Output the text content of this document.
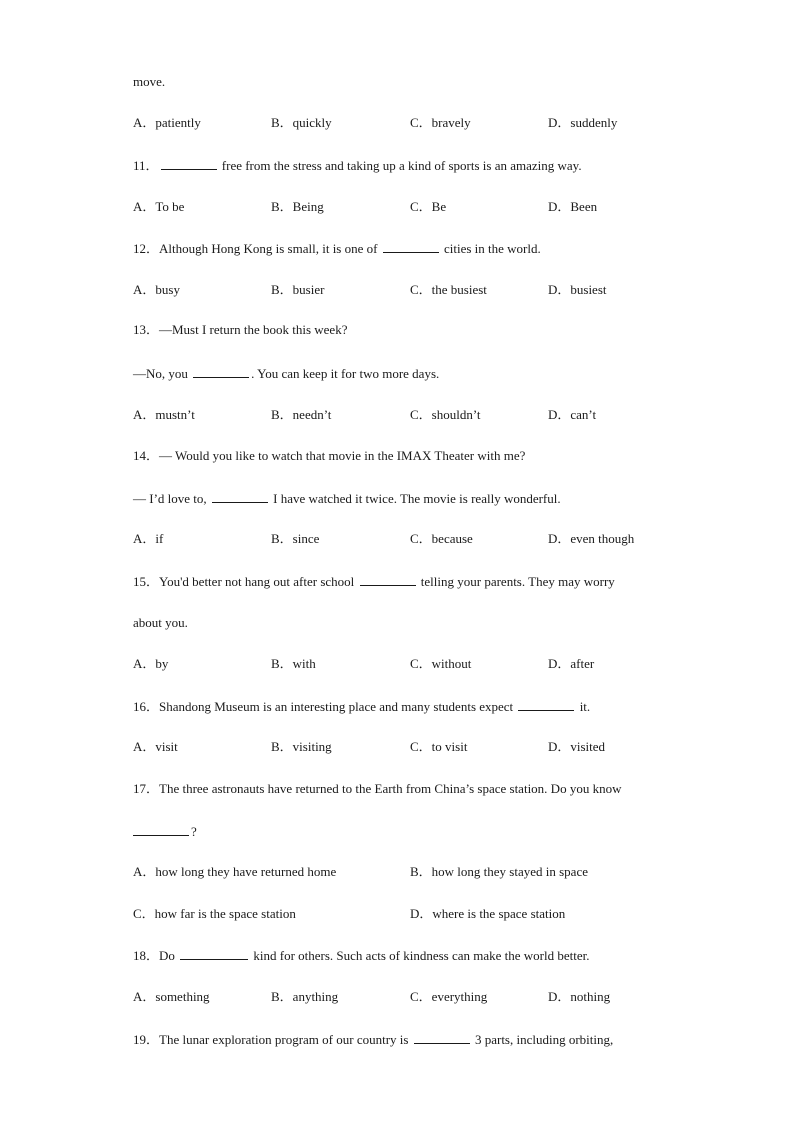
move.
A．patiently	B．quickly	C．bravely	D．suddenly
11．	free from the stress and taking up a kind of sports is an amazing way.
A．To be	B．Being	C．Be	D．Been
12．Although Hong Kong is small, it is one of	cities in the world.
A．busy	B．busier	C．the busiest	D．busiest
13．—Must I return the book this week?
—No, you	. You can keep it for two more days.
A．mustn’t	B．needn’t	C．shouldn’t	D．can’t
14．— Would you like to watch that movie in the IMAX Theater with me?
— I’d love to,	I have watched it twice. The movie is really wonderful.
A．if	B．since	C．because	D．even though
15．You'd better not hang out after school	telling your parents. They may worry
about you.
A．by	B．with	C．without	D．after
16．Shandong Museum is an interesting place and many students expect	it.
A．visit	B．visiting	C．to visit	D．visited
17．The three astronauts have returned to the Earth from China’s space station. Do you know
?
A．how long they have returned home	B．how long they stayed in space
C．how far is the space station	D．where is the space station
18．Do	kind for others. Such acts of kindness can make the world better.
A．something	B．anything	C．everything	D．nothing
19．The lunar exploration program of our country is	3 parts, including orbiting,
